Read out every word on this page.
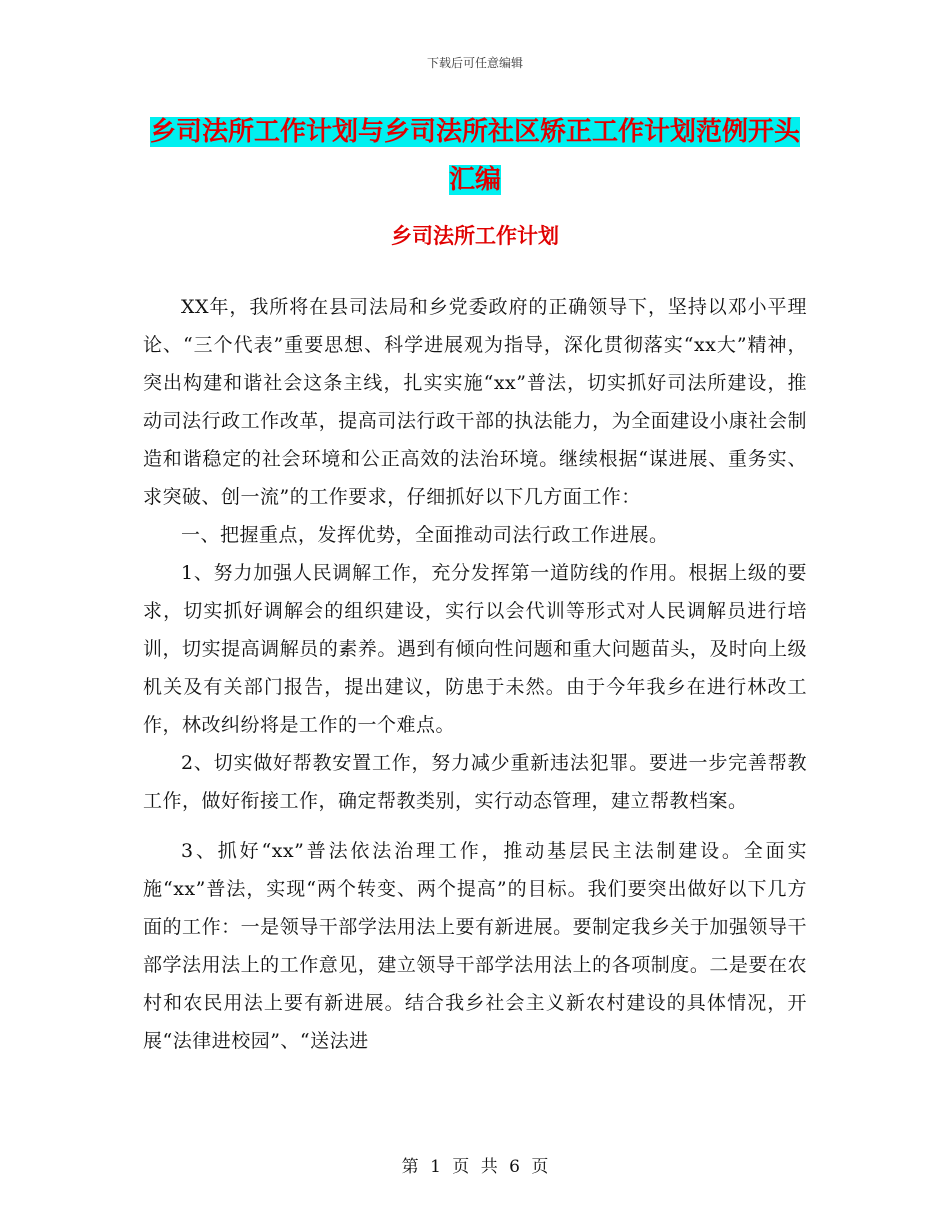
下载后可任意编辑
乡司法所工作计划与乡司法所社区矫正工作计划范例开头汇编
乡司法所工作计划

XX年，我所将在县司法局和乡党委政府的正确领导下，坚持以邓小平理论、“三个代表”重要思想、科学进展观为指导，深化贯彻落实“xx大”精神，突出构建和谐社会这条主线，扎实实施“xx”普法，切实抓好司法所建设，推动司法行政工作改革，提高司法行政干部的执法能力，为全面建设小康社会制造和谐稳定的社会环境和公正高效的法治环境。继续根据“谋进展、重务实、求突破、创一流”的工作要求，仔细抓好以下几方面工作：

一、把握重点，发挥优势，全面推动司法行政工作进展。

1、努力加强人民调解工作，充分发挥第一道防线的作用。根据上级的要求，切实抓好调解会的组织建设，实行以会代训等形式对人民调解员进行培训，切实提高调解员的素养。遇到有倾向性问题和重大问题苗头，及时向上级机关及有关部门报告，提出建议，防患于未然。由于今年我乡在进行林改工作，林改纠纷将是工作的一个难点。

2、切实做好帮教安置工作，努力减少重新违法犯罪。要进一步完善帮教工作，做好衔接工作，确定帮教类别，实行动态管理，建立帮教档案。

3、抓好“xx”普法依法治理工作，推动基层民主法制建设。全面实施“xx”普法，实现“两个转变、两个提高”的目标。我们要突出做好以下几方面的工作：一是领导干部学法用法上要有新进展。要制定我乡关于加强领导干部学法用法上的工作意见，建立领导干部学法用法上的各项制度。二是要在农村和农民用法上要有新进展。结合我乡社会主义新农村建设的具体情况，开展“法律进校园”、“送法进

第 1 页 共 6 页
